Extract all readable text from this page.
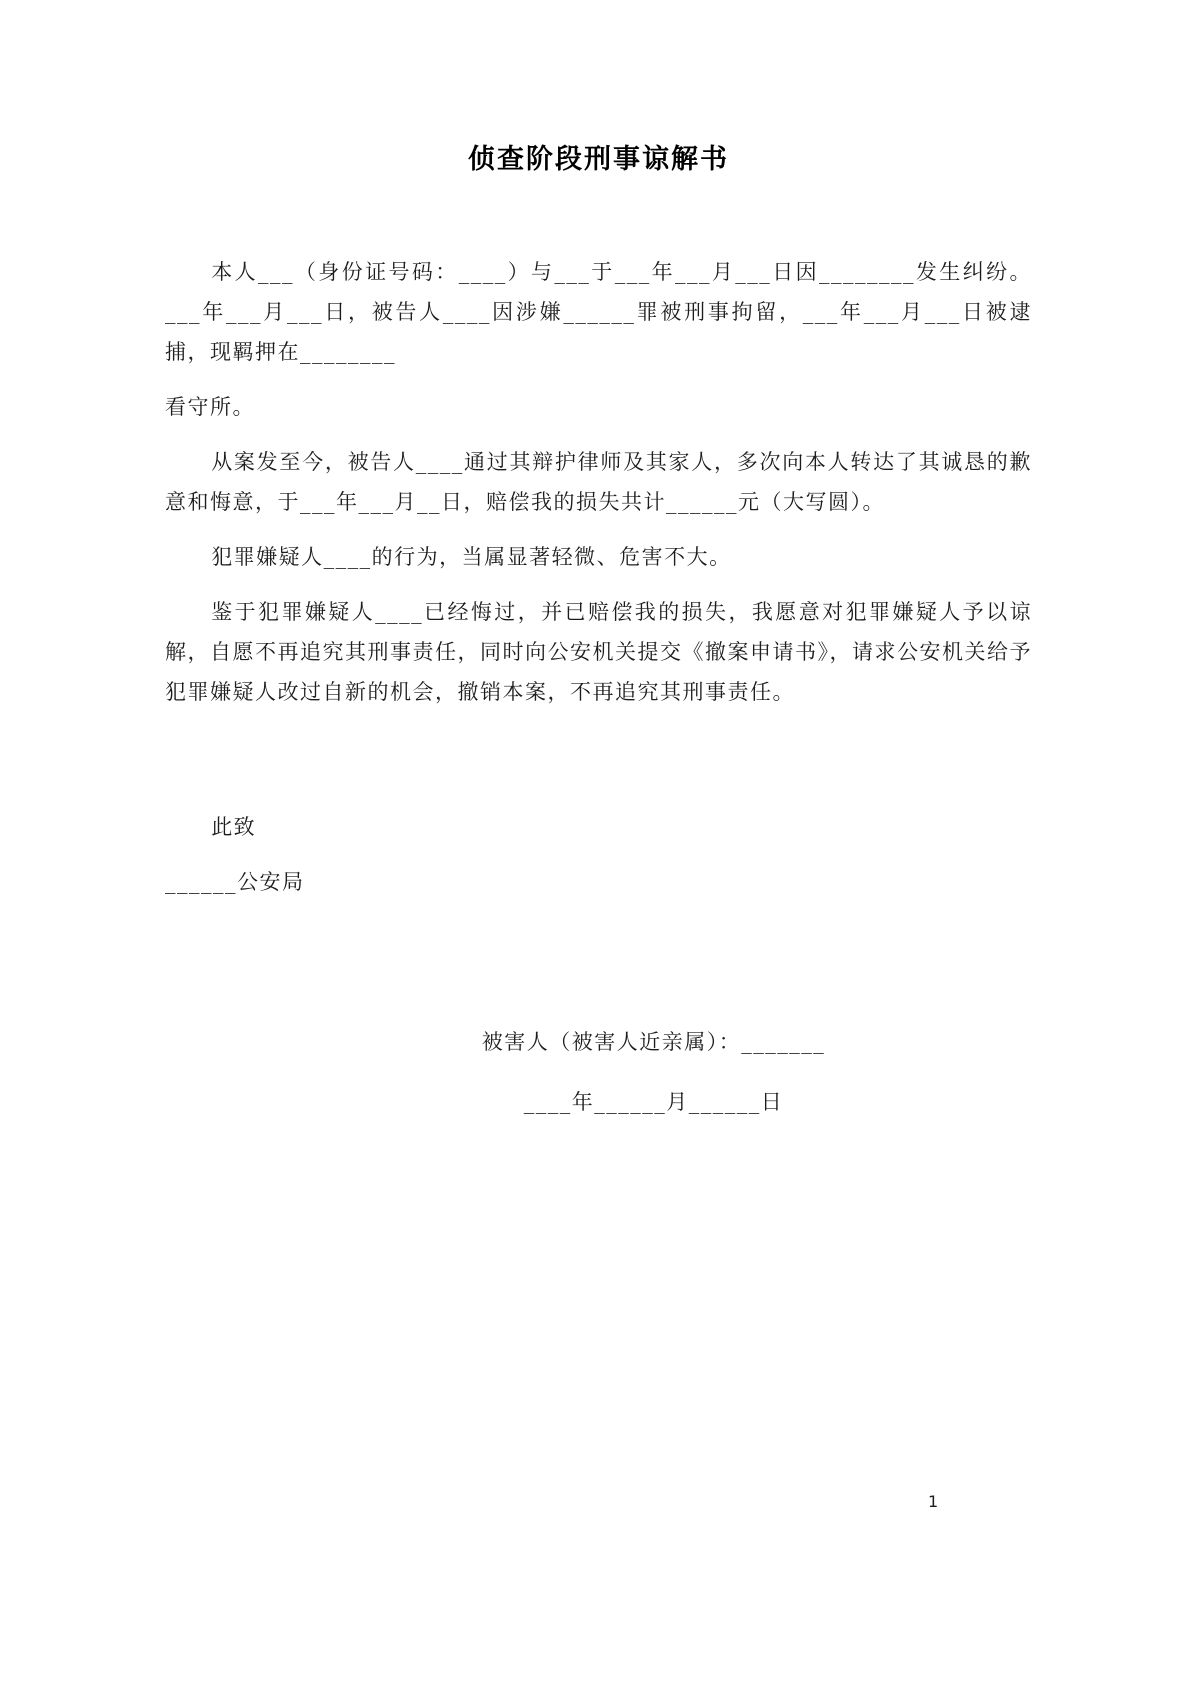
侦查阶段刑事谅解书

本人___（身份证号码：____）与___于___年___月___日因________发生纠纷。___年___月___日，被告人____因涉嫌______罪被刑事拘留，___年___月___日被逮捕，现羁押在________

看守所。

从案发至今，被告人____通过其辩护律师及其家人，多次向本人转达了其诚恳的歉意和悔意，于___年___月__日，赔偿我的损失共计______元（大写圆）。

犯罪嫌疑人____的行为，当属显著轻微、危害不大。

鉴于犯罪嫌疑人____已经悔过，并已赔偿我的损失，我愿意对犯罪嫌疑人予以谅解，自愿不再追究其刑事责任，同时向公安机关提交《撤案申请书》，请求公安机关给予犯罪嫌疑人改过自新的机会，撤销本案，不再追究其刑事责任。

此致

______公安局

被害人（被害人近亲属）：_______

____年______月______日

1
